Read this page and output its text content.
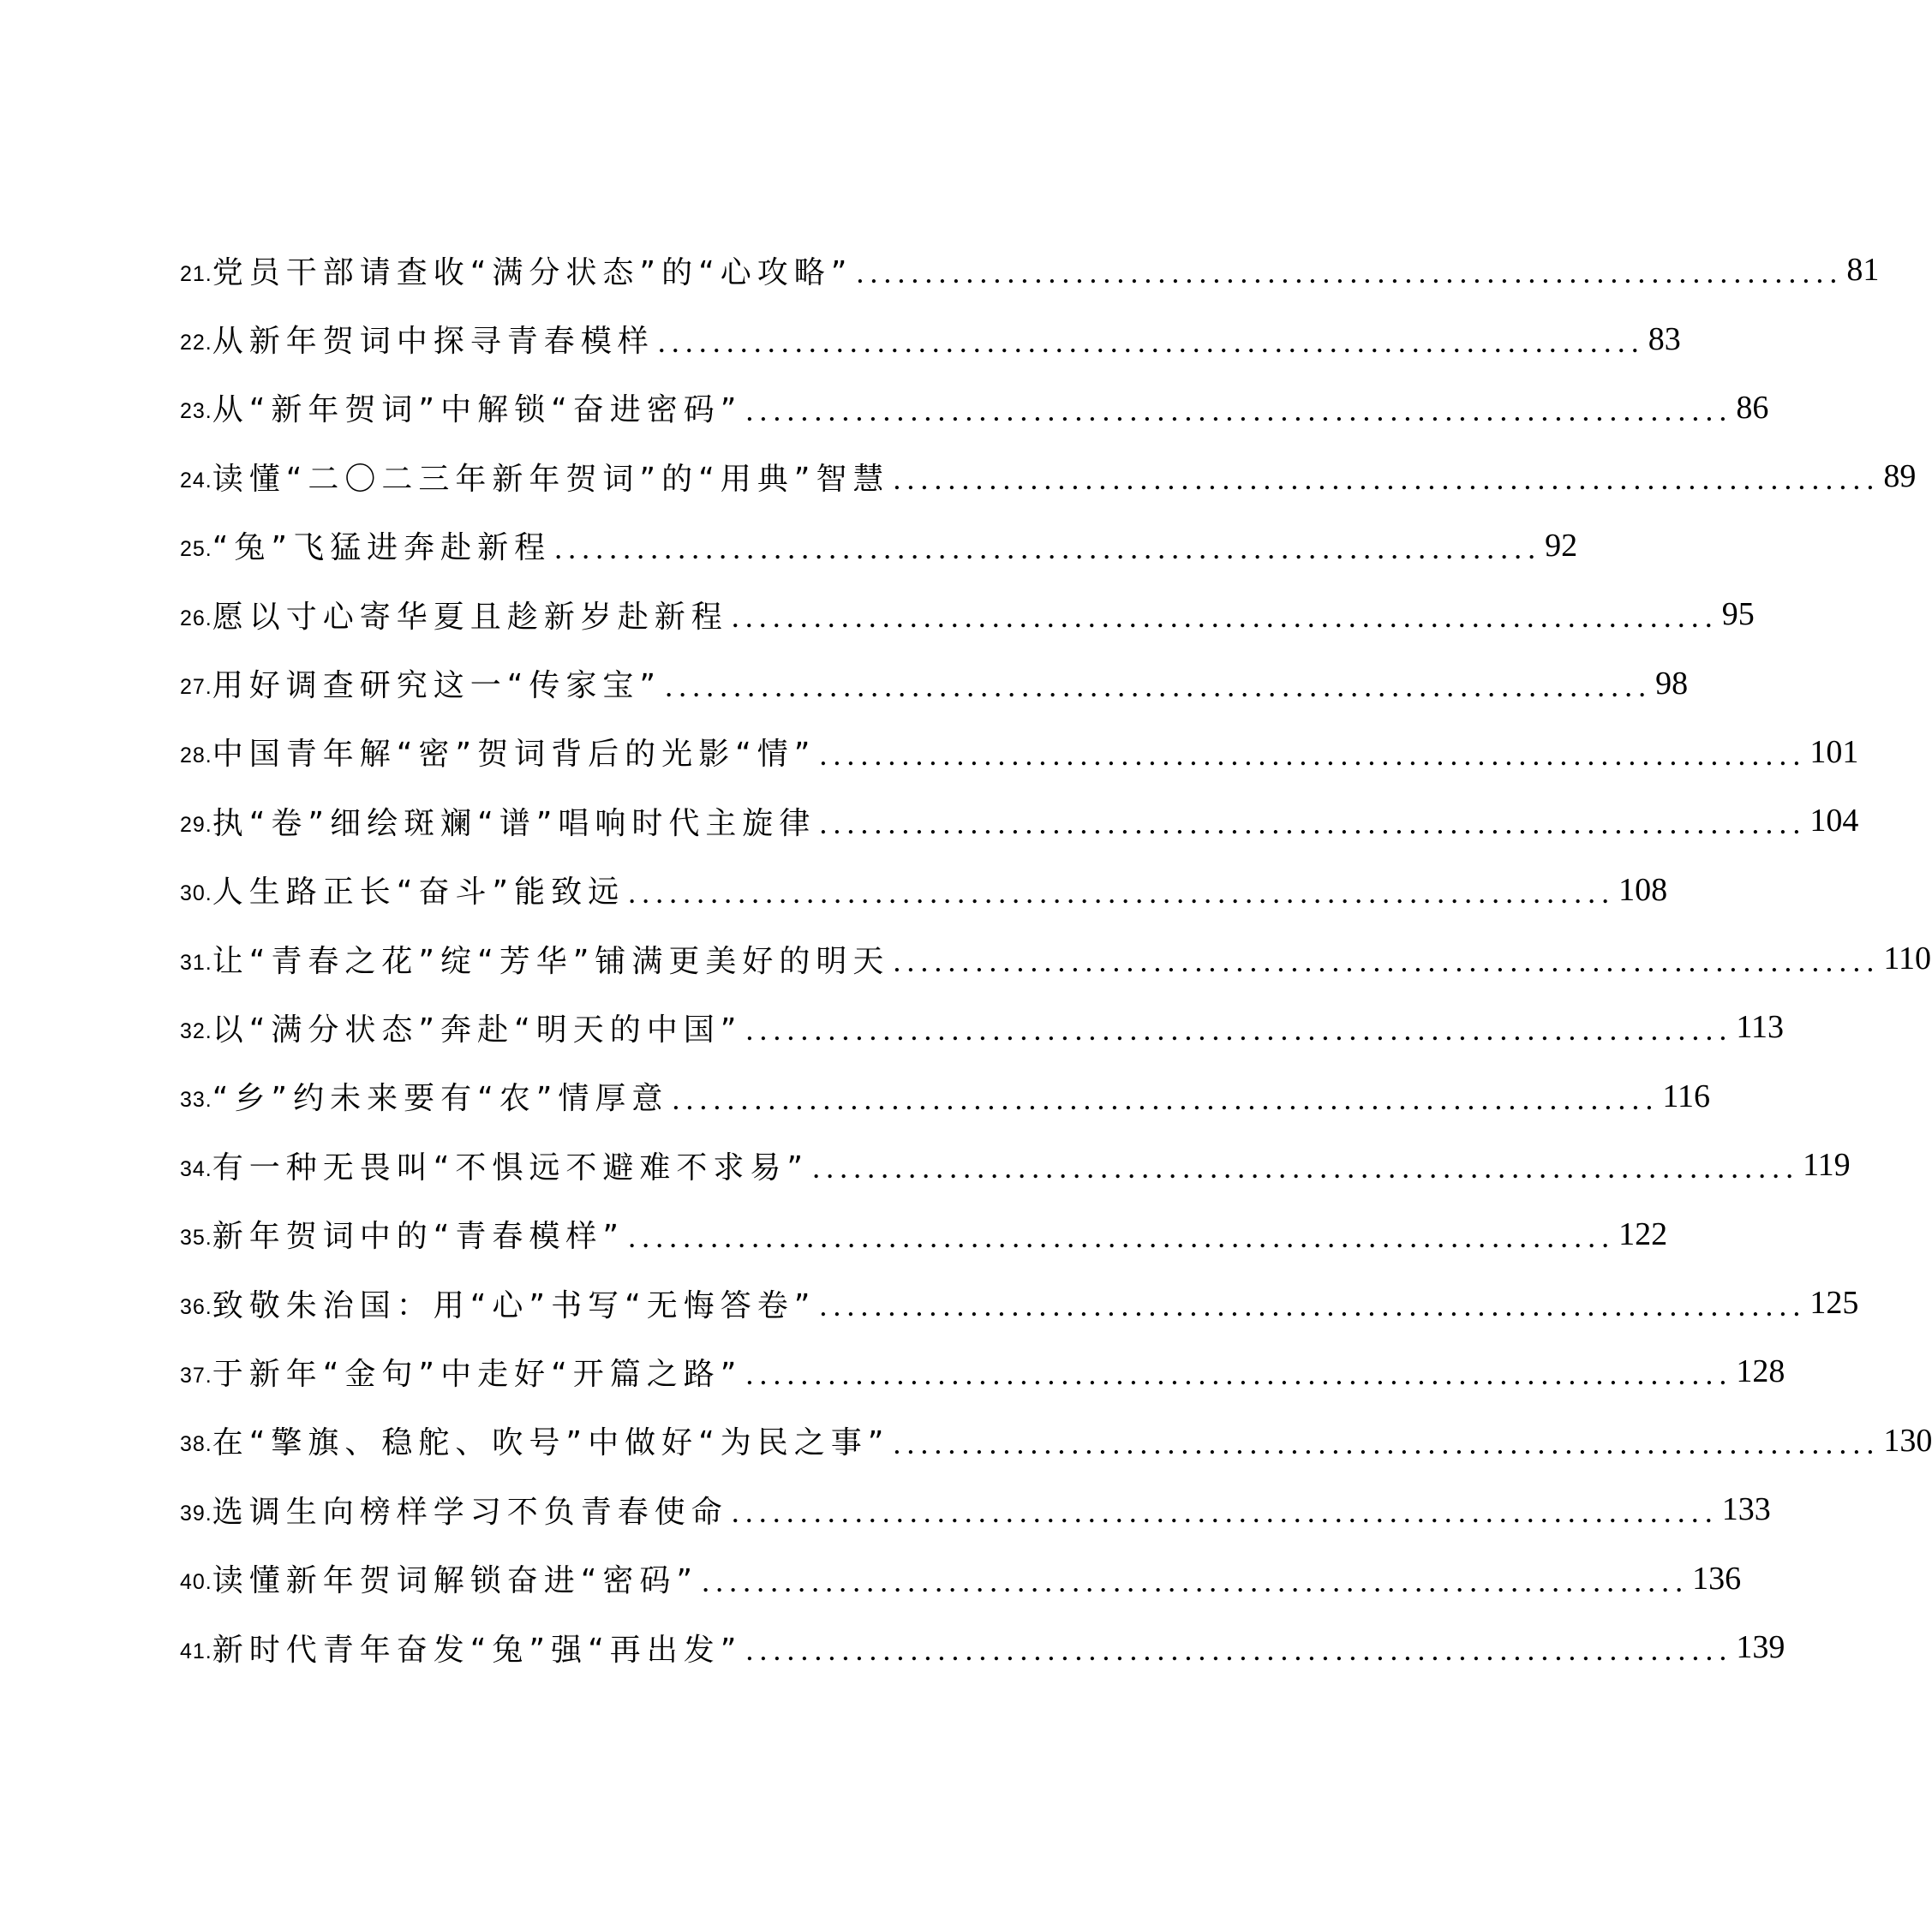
21. 党员干部请查收“满分状态”的“心攻略” ........................................................................ 81
22. 从新年贺词中探寻青春模样 ........................................................................ 83
23. 从“新年贺词”中解锁“奋进密码” ........................................................................ 86
24. 读懂“二〇二三年新年贺词”的“用典”智慧 ........................................................................ 89
25. “兔”飞猛进奔赴新程 ........................................................................ 92
26. 愿以寸心寄华夏且趁新岁赴新程 ........................................................................ 95
27. 用好调查研究这一“传家宝” ........................................................................ 98
28. 中国青年解“密”贺词背后的光影“情” ........................................................................ 101
29. 执“卷”细绘斑斓“谱”唱响时代主旋律 ........................................................................ 104
30. 人生路正长“奋斗”能致远 ........................................................................ 108
31. 让“青春之花”绽“芳华”铺满更美好的明天 ........................................................................ 110
32. 以“满分状态”奔赴“明天的中国” ........................................................................ 113
33. “乡”约未来要有“农”情厚意 ........................................................................ 116
34. 有一种无畏叫“不惧远不避难不求易” ........................................................................ 119
35. 新年贺词中的“青春模样” ........................................................................ 122
36. 致敬朱治国：用“心”书写“无悔答卷” ........................................................................ 125
37. 于新年“金句”中走好“开篇之路” ........................................................................ 128
38. 在“擎旗、稳舵、吹号”中做好“为民之事” ........................................................................ 130
39. 选调生向榜样学习不负青春使命 ........................................................................ 133
40. 读懂新年贺词解锁奋进“密码” ........................................................................ 136
41. 新时代青年奋发“兔”强“再出发” ........................................................................ 139
